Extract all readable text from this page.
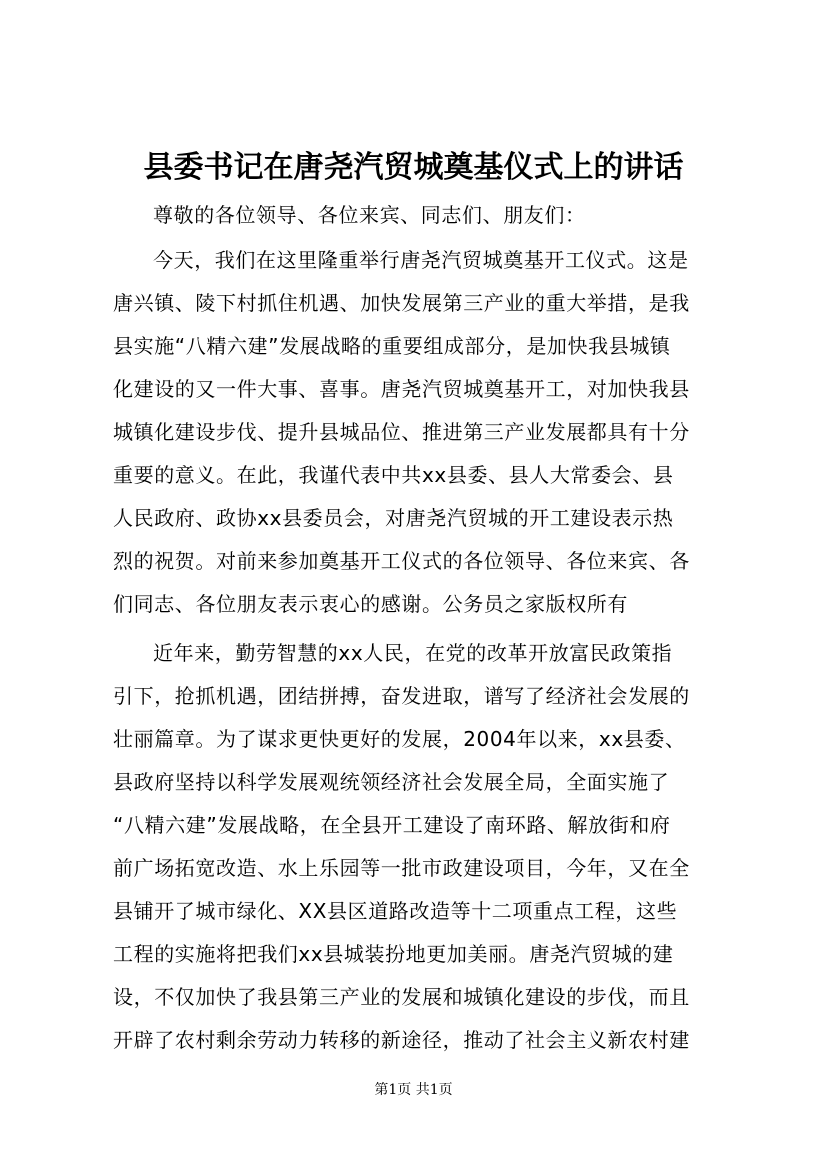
县委书记在唐尧汽贸城奠基仪式上的讲话

尊敬的各位领导、各位来宾、同志们、朋友们：

今天，我们在这里隆重举行唐尧汽贸城奠基开工仪式。这是
唐兴镇、陵下村抓住机遇、加快发展第三产业的重大举措，是我
县实施“八精六建”发展战略的重要组成部分，是加快我县城镇
化建设的又一件大事、喜事。唐尧汽贸城奠基开工，对加快我县
城镇化建设步伐、提升县城品位、推进第三产业发展都具有十分
重要的意义。在此，我谨代表中共xx县委、县人大常委会、县
人民政府、政协xx县委员会，对唐尧汽贸城的开工建设表示热
烈的祝贺。对前来参加奠基开工仪式的各位领导、各位来宾、各
们同志、各位朋友表示衷心的感谢。公务员之家版权所有
近年来，勤劳智慧的xx人民，在党的改革开放富民政策指
引下，抢抓机遇，团结拼搏，奋发进取，谱写了经济社会发展的
壮丽篇章。为了谋求更快更好的发展，2004年以来，xx县委、
县政府坚持以科学发展观统领经济社会发展全局，全面实施了
“八精六建”发展战略，在全县开工建设了南环路、解放街和府
前广场拓宽改造、水上乐园等一批市政建设项目，今年，又在全
县铺开了城市绿化、XX县区道路改造等十二项重点工程，这些
工程的实施将把我们xx县城装扮地更加美丽。唐尧汽贸城的建
设，不仅加快了我县第三产业的发展和城镇化建设的步伐，而且
开辟了农村剩余劳动力转移的新途径，推动了社会主义新农村建
第1页 共1页
